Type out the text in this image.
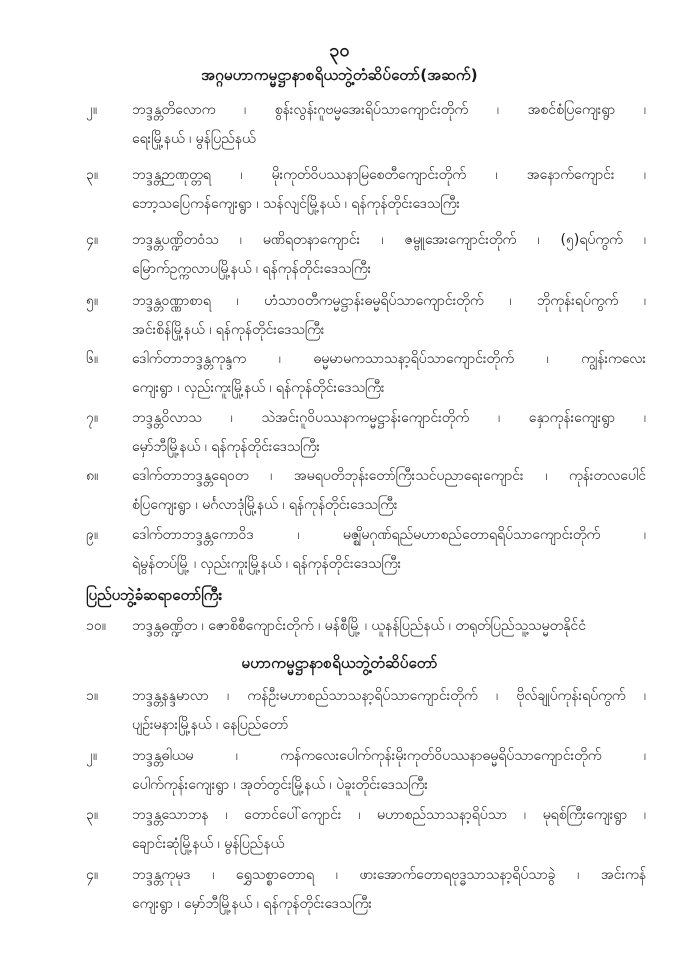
၃၀
အဂ္ဂမဟာကမ္မဋ္ဌာနာစရိယဘွဲ့တံဆိပ်တော်(အဆက်)
၂။	ဘဒ္ဒန္တတိလောက ၊ စွန်းလွန်းဂူဗမ္မအေးရိပ်သာကျောင်းတိုက် ၊ အစင်စံပြကျေးရွာ ၊
ရေးမြို့နယ် ၊ မွန်ပြည်နယ်
၃။	ဘဒ္ဒန္တဉာဏုတ္တရ ၊ မိုးကုတ်ဝိပဿနာမြစေတီကျောင်းတိုက် ၊ အနောက်ကျောင်း ၊
ဘော့သပြေကန်ကျေးရွာ ၊ သန်လျင်မြို့နယ် ၊ ရန်ကုန်တိုင်းဒေသကြီး
၄။	ဘဒ္ဒန္တပဏ္ဍိတဝံသ ၊ မဏိရတနာကျောင်း ၊ ဇမ္ဗူအေးကျောင်းတိုက် ၊ (၅)ရပ်ကွက် ၊
မြောက်ဥက္ကလာပမြို့နယ် ၊ ရန်ကုန်တိုင်းဒေသကြီး
၅။	ဘဒ္ဒန္တဝဏ္ဏာစာရ ၊ ဟံသာဝတီကမ္မဋ္ဌာန်းဓမ္မရိပ်သာကျောင်းတိုက် ၊ ဘိုကုန်းရပ်ကွက် ၊
အင်းစိန်မြို့နယ် ၊ ရန်ကုန်တိုင်းဒေသကြီး
၆။	ဒေါက်တာဘဒ္ဒန္တကုန္ဒက ၊ ဓမ္မမာမကသာသနာ့ရိပ်သာကျောင်းတိုက် ၊ ကျွန်းကလေး
ကျေးရွာ ၊ လှည်းကူးမြို့နယ် ၊ ရန်ကုန်တိုင်းဒေသကြီး
၇။	ဘဒ္ဒန္တဝိလာသ ၊ သဲအင်းဂူဝိပဿနာကမ္မဋ္ဌာန်းကျောင်းတိုက် ၊ နှောကုန်းကျေးရွာ ၊
မှော်ဘီမြို့နယ် ၊ ရန်ကုန်တိုင်းဒေသကြီး
၈။	ဒေါက်တာဘဒ္ဒန္တရေဝတ ၊ အမရပတိဘုန်းတော်ကြီးသင်ပညာရေးကျောင်း ၊ ကုန်းတလပေါင်
စံပြကျေးရွာ ၊ မင်္ဂလာဒုံမြို့နယ် ၊ ရန်ကုန်တိုင်းဒေသကြီး
၉။	ဒေါက်တာဘဒ္ဒန္တကောဝိဒ ၊ မဇ္ဈိမဂုဏ်ရည်မဟာစည်တောရရိပ်သာကျောင်းတိုက် ၊
ရဲမွန်တပ်မြို့ ၊ လှည်းကူးမြို့နယ် ၊ ရန်ကုန်တိုင်းဒေသကြီး
ပြည်ပဘွဲ့ခံဆရာတော်ကြီး
၁၀။	ဘဒ္ဒန္တဓဏ္ဍိတ ၊ ဇောစိစီကျောင်းတိုက် ၊ မန်စီမြို့ ၊ ယူနန်ပြည်နယ် ၊ တရုတ်ပြည်သူ့သမ္မတနိုင်ငံ
မဟာကမ္မဋ္ဌာနာစရိယဘွဲ့တံဆိပ်တော်
၁။	ဘဒ္ဒန္တနန္ဒမာလာ ၊ ကန်ဦးမဟာစည်သာသနာ့ရိပ်သာကျောင်းတိုက် ၊ ဗိုလ်ချုပ်ကုန်းရပ်ကွက် ၊
ပျဉ်းမနားမြို့နယ် ၊ နေပြည်တော်
၂။	ဘဒ္ဒန္တဓါယမ ၊ ကန်ကလေးပေါက်ကုန်းမိုးကုတ်ဝိပဿနာဓမ္မရိပ်သာကျောင်းတိုက် ၊
ပေါက်ကုန်းကျေးရွာ ၊ အုတ်တွင်းမြို့နယ် ၊ ပဲခူးတိုင်းဒေသကြီး
၃။	ဘဒ္ဒန္တသောဘန ၊ တောင်ပေါ်ကျောင်း ၊ မဟာစည်သာသနာ့ရိပ်သာ ၊ မုရစ်ကြီးကျေးရွာ ၊
ချောင်းဆုံမြို့နယ် ၊ မွန်ပြည်နယ်
၄။	ဘဒ္ဒန္တကုမုဒ ၊ ရွှေသစ္စာတောရ ၊ ဖားအောက်တောရဗုဒ္ဓသာသနာ့ရိပ်သာခွဲ ၊ အင်းကန်
ကျေးရွာ ၊ မှော်ဘီမြို့နယ် ၊ ရန်ကုန်တိုင်းဒေသကြီး
